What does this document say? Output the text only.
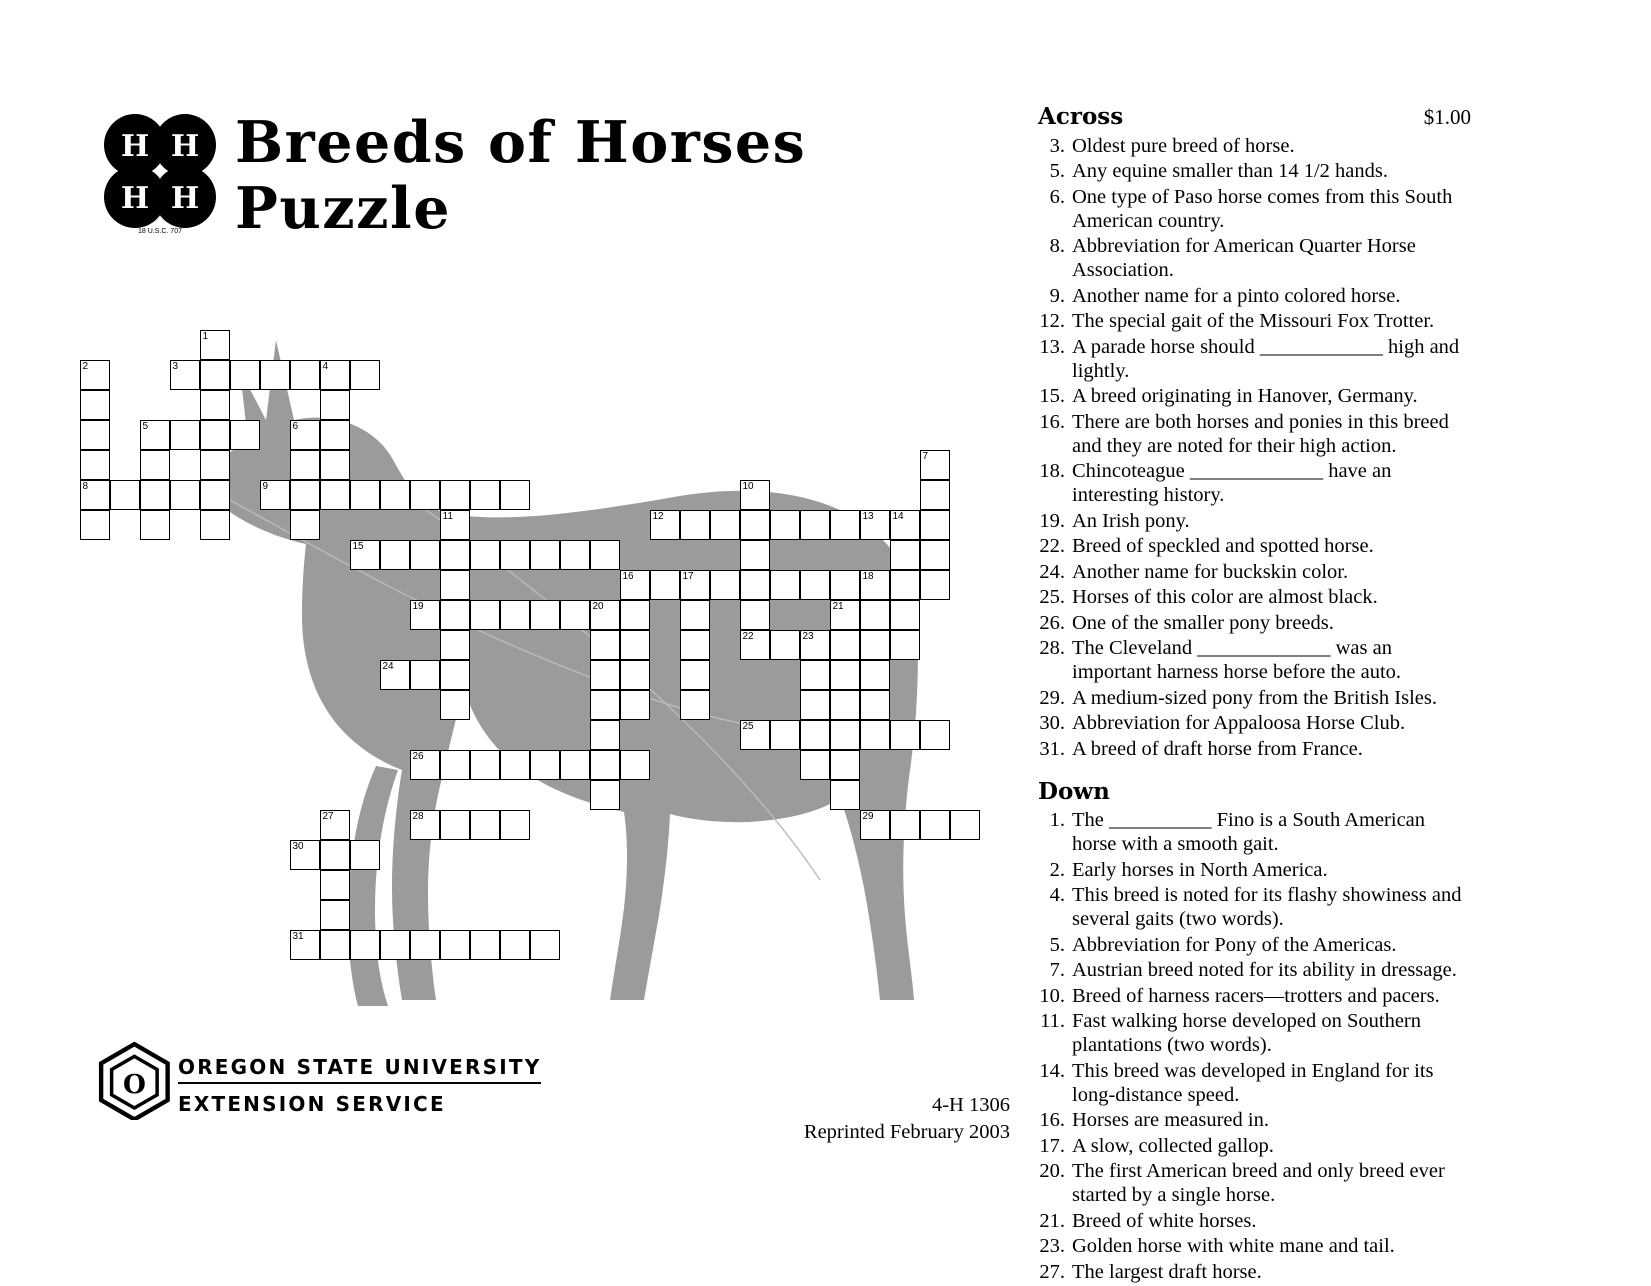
H H
H H
18 U.S.C. 707
Breeds of Horses
Puzzle
$1.00
Across
3. Oldest pure breed of horse.
5. Any equine smaller than 14 1/2 hands.
6. One type of Paso horse comes from this South American country.
8. Abbreviation for American Quarter Horse Association.
9. Another name for a pinto colored horse.
12. The special gait of the Missouri Fox Trotter.
13. A parade horse should ____________ high and lightly.
15. A breed originating in Hanover, Germany.
16. There are both horses and ponies in this breed and they are noted for their high action.
18. Chincoteague _____________ have an interesting history.
19. An Irish pony.
22. Breed of speckled and spotted horse.
24. Another name for buckskin color.
25. Horses of this color are almost black.
26. One of the smaller pony breeds.
28. The Cleveland _____________ was an important harness horse before the auto.
29. A medium-sized pony from the British Isles.
30. Abbreviation for Appaloosa Horse Club.
31. A breed of draft horse from France.
Down
1. The __________ Fino is a South American horse with a smooth gait.
2. Early horses in North America.
4. This breed is noted for its flashy showiness and several gaits (two words).
5. Abbreviation for Pony of the Americas.
7. Austrian breed noted for its ability in dressage.
10. Breed of harness racers—trotters and pacers.
11. Fast walking horse developed on Southern plantations (two words).
14. This breed was developed in England for its long-distance speed.
16. Horses are measured in.
17. A slow, collected gallop.
20. The first American breed and only breed ever started by a single horse.
21. Breed of white horses.
23. Golden horse with white mane and tail.
27. The largest draft horse.
1
2
8
3	4
5	6
7
9	10
22
11	12	13 14
15
16	17	18
19	20	21
23
24
25
26
27	28	29
30
31
O
OREGON STATE UNIVERSITY
EXTENSION SERVICE	4-H 1306
Reprinted February 2003
